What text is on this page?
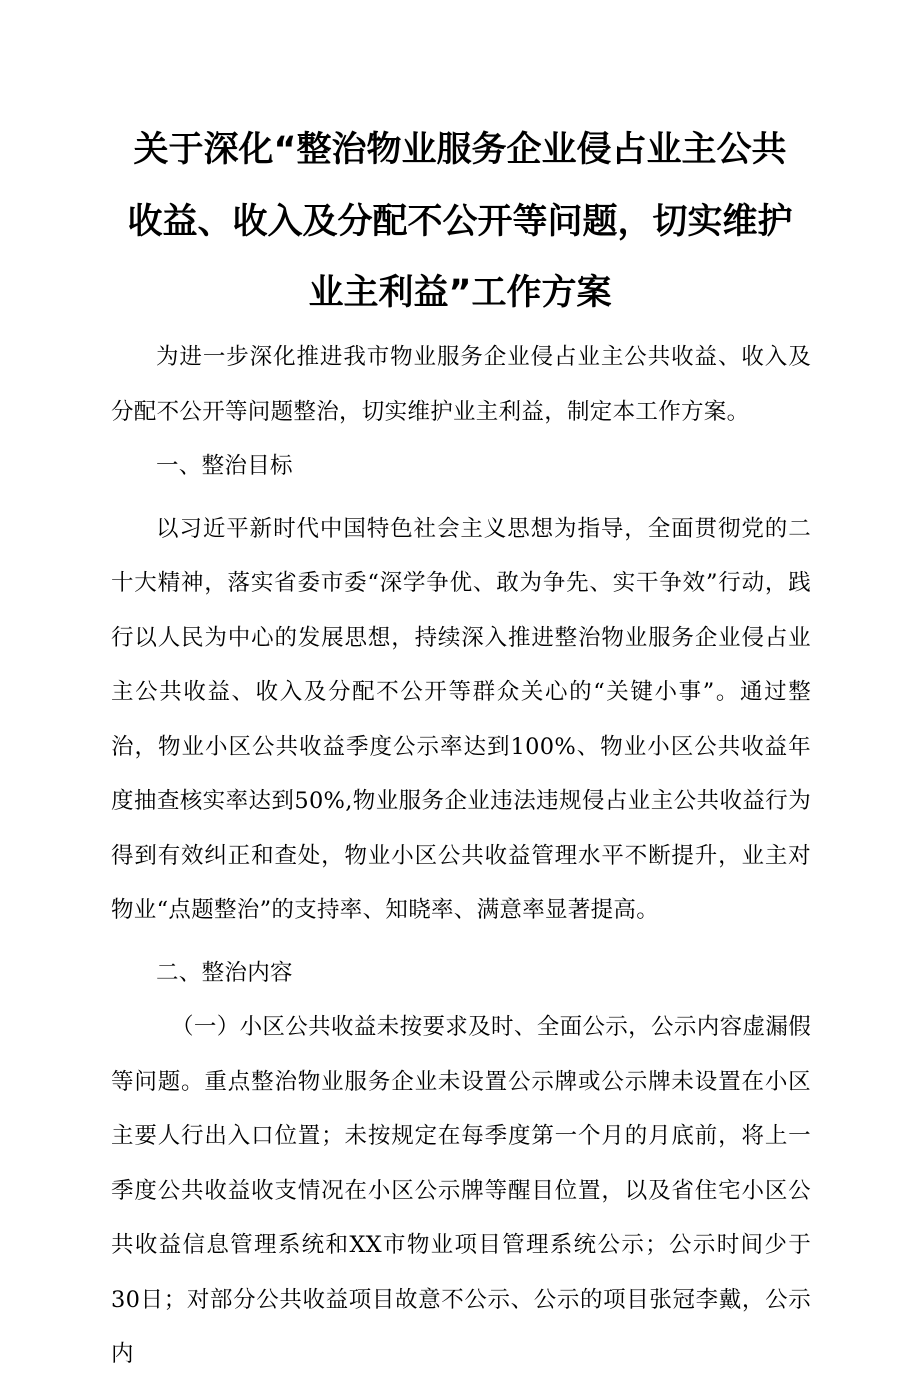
关于深化“整治物业服务企业侵占业主公共
收益、收入及分配不公开等问题，切实维护
业主利益”工作方案

为进一步深化推进我市物业服务企业侵占业主公共收益、收入及分配不公开等问题整治，切实维护业主利益，制定本工作方案。

一、整治目标

以习近平新时代中国特色社会主义思想为指导，全面贯彻党的二十大精神，落实省委市委“深学争优、敢为争先、实干争效”行动，践行以人民为中心的发展思想，持续深入推进整治物业服务企业侵占业主公共收益、收入及分配不公开等群众关心的“关键小事”。通过整治，物业小区公共收益季度公示率达到100%、物业小区公共收益年度抽查核实率达到50%,物业服务企业违法违规侵占业主公共收益行为得到有效纠正和查处，物业小区公共收益管理水平不断提升，业主对物业“点题整治”的支持率、知晓率、满意率显著提高。

二、整治内容

（一）小区公共收益未按要求及时、全面公示，公示内容虚漏假等问题。重点整治物业服务企业未设置公示牌或公示牌未设置在小区主要人行出入口位置；未按规定在每季度第一个月的月底前，将上一季度公共收益收支情况在小区公示牌等醒目位置，以及省住宅小区公共收益信息管理系统和XX市物业项目管理系统公示；公示时间少于30日；对部分公共收益项目故意不公示、公示的项目张冠李戴，公示内
